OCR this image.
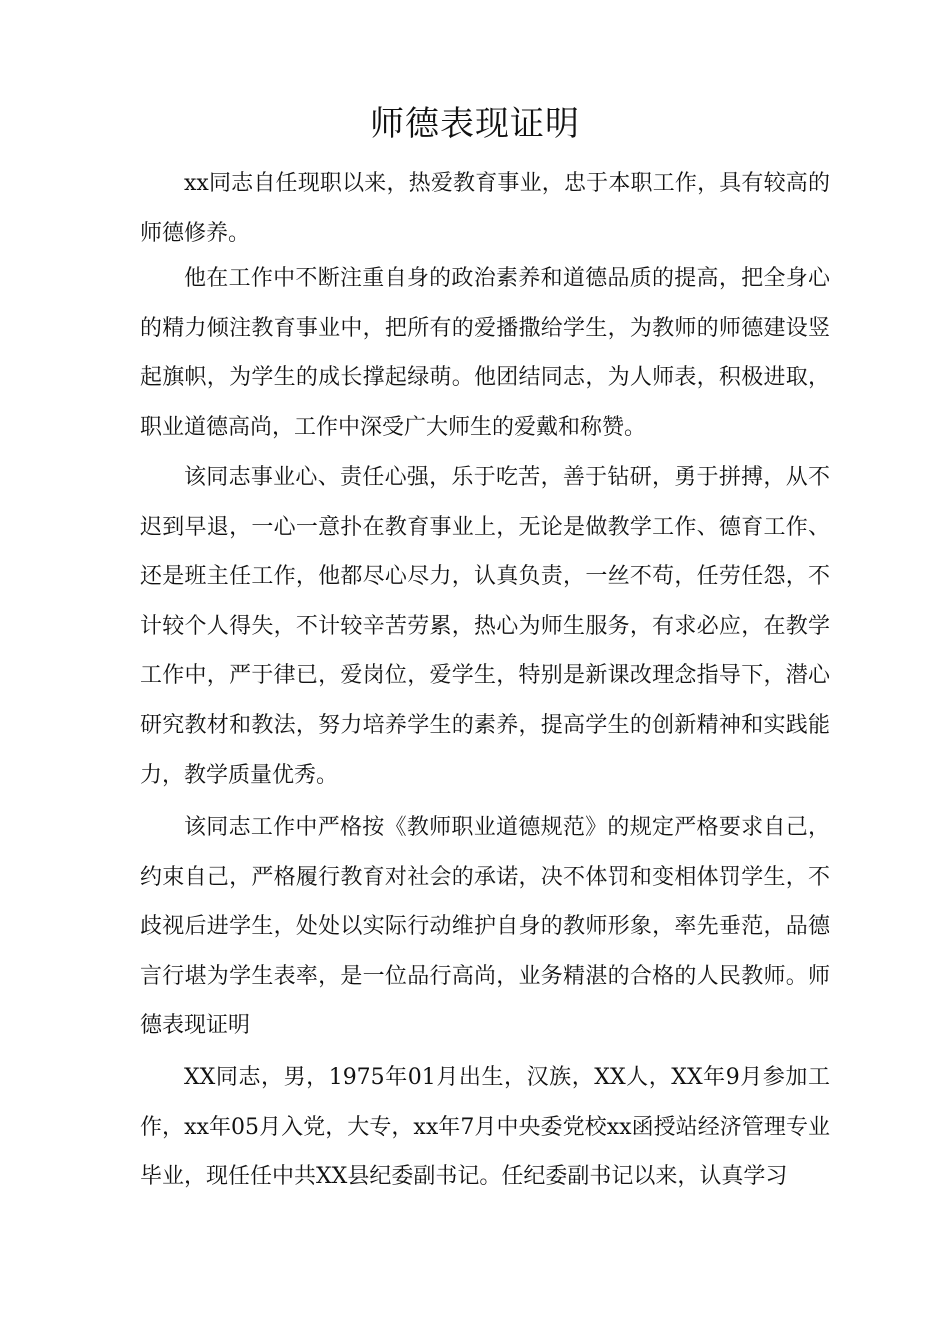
师德表现证明

xx同志自任现职以来，热爱教育事业，忠于本职工作，具有较高的师德修养。

他在工作中不断注重自身的政治素养和道德品质的提高，把全身心的精力倾注教育事业中，把所有的爱播撒给学生，为教师的师德建设竖起旗帜，为学生的成长撑起绿萌。他团结同志，为人师表，积极进取，职业道德高尚，工作中深受广大师生的爱戴和称赞。

该同志事业心、责任心强，乐于吃苦，善于钻研，勇于拼搏，从不迟到早退，一心一意扑在教育事业上，无论是做教学工作、德育工作、还是班主任工作，他都尽心尽力，认真负责，一丝不苟，任劳任怨，不计较个人得失，不计较辛苦劳累，热心为师生服务，有求必应，在教学工作中，严于律已，爱岗位，爱学生，特别是新课改理念指导下，潜心研究教材和教法，努力培养学生的素养，提高学生的创新精神和实践能力，教学质量优秀。

该同志工作中严格按《教师职业道德规范》的规定严格要求自己，约束自己，严格履行教育对社会的承诺，决不体罚和变相体罚学生，不歧视后进学生，处处以实际行动维护自身的教师形象，率先垂范，品德言行堪为学生表率，是一位品行高尚，业务精湛的合格的人民教师。师德表现证明

XX同志，男，1975年01月出生，汉族，XX人，XX年9月参加工作，xx年05月入党，大专，xx年7月中央委党校xx函授站经济管理专业毕业，现任任中共XX县纪委副书记。任纪委副书记以来，认真学习
